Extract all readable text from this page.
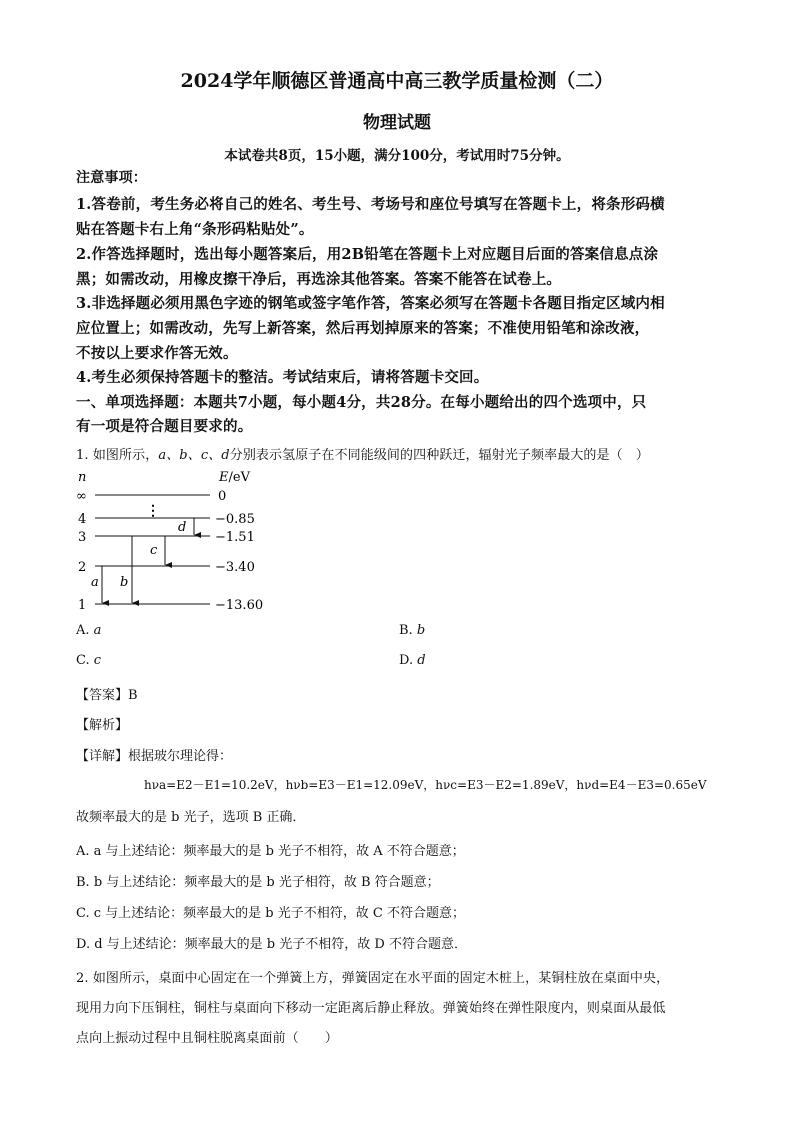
2024学年顺德区普通高中高三教学质量检测（二）
物理试题
本试卷共8页，15小题，满分100分，考试用时75分钟。
注意事项：
1.答卷前，考生务必将自己的姓名、考生号、考场号和座位号填写在答题卡上，将条形码横
贴在答题卡右上角“条形码粘贴处”。
2.作答选择题时，选出每小题答案后，用2B铅笔在答题卡上对应题目后面的答案信息点涂
黑；如需改动，用橡皮擦干净后，再选涂其他答案。答案不能答在试卷上。
3.非选择题必须用黑色字迹的钢笔或签字笔作答，答案必须写在答题卡各题目指定区域内相
应位置上；如需改动，先写上新答案，然后再划掉原来的答案；不准使用铅笔和涂改液，
不按以上要求作答无效。
4.考生必须保持答题卡的整洁。考试结束后，请将答题卡交回。
一、单项选择题：本题共7小题，每小题4分，共28分。在每小题给出的四个选项中，只
有一项是符合题目要求的。
1. 如图所示，a、b、c、d分别表示氢原子在不同能级间的四种跃迁，辐射光子频率最大的是（　）
n	E/eV
∞
4
3
2
1
0
−0.85
−1.51
−3.40
−13.60
⋮
a b
c
d
A. a	B. b
C. c	D. d
【答案】B
【解析】
【详解】根据玻尔理论得：
hνa=E2－E1=10.2eV，hνb=E3－E1=12.09eV，hνc=E3－E2=1.89eV，hνd=E4－E3=0.65eV
故频率最大的是 b 光子，选项 B 正确．
A. a 与上述结论：频率最大的是 b 光子不相符，故 A 不符合题意；
B. b 与上述结论：频率最大的是 b 光子相符，故 B 符合题意；
C. c 与上述结论：频率最大的是 b 光子不相符，故 C 不符合题意；
D. d 与上述结论：频率最大的是 b 光子不相符，故 D 不符合题意．
2. 如图所示，桌面中心固定在一个弹簧上方，弹簧固定在水平面的固定木桩上，某铜柱放在桌面中央，
现用力向下压铜柱，铜柱与桌面向下移动一定距离后静止释放。弹簧始终在弹性限度内，则桌面从最低
点向上振动过程中且铜柱脱离桌面前（　　）
